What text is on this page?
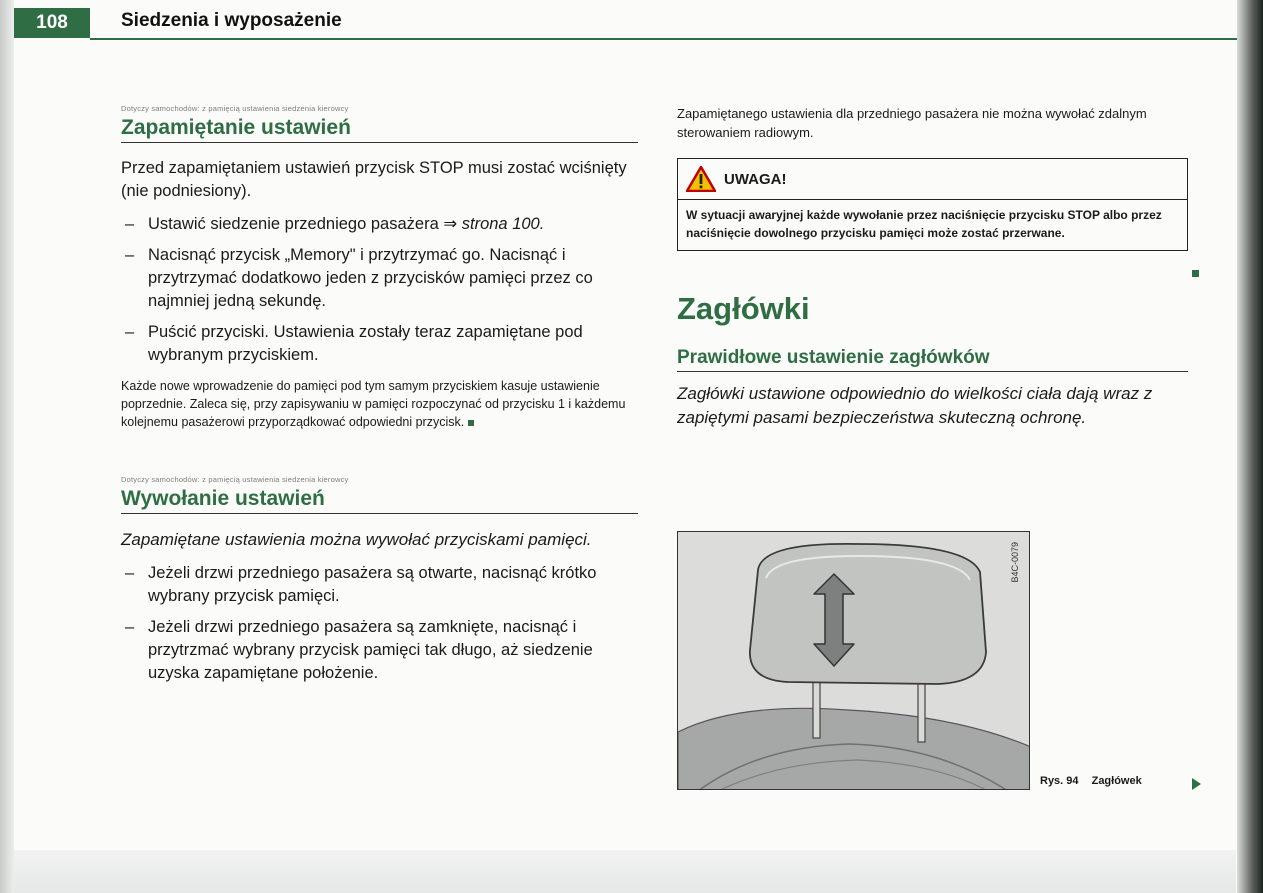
108	Siedzenia i wyposażenie
Dotyczy samochodów: z pamięcią ustawienia siedzenia kierowcy
Zapamiętanie ustawień

Przed zapamiętaniem ustawień przycisk STOP musi zostać wciśnięty (nie podniesiony).

– Ustawić siedzenie przedniego pasażera ⇒ strona 100.
– Nacisnąć przycisk „Memory" i przytrzymać go. Nacisnąć i przytrzymać dodatkowo jeden z przycisków pamięci przez co najmniej jedną sekundę.
– Puścić przyciski. Ustawienia zostały teraz zapamiętane pod wybranym przyciskiem.

Każde nowe wprowadzenie do pamięci pod tym samym przyciskiem kasuje ustawienie poprzednie. Zaleca się, przy zapisywaniu w pamięci rozpoczynać od przycisku 1 i każdemu kolejnemu pasażerowi przyporządkować odpowiedni przycisk.

Dotyczy samochodów: z pamięcią ustawienia siedzenia kierowcy
Wywołanie ustawień

Zapamiętane ustawienia można wywołać przyciskami pamięci.

– Jeżeli drzwi przedniego pasażera są otwarte, nacisnąć krótko wybrany przycisk pamięci.
– Jeżeli drzwi przedniego pasażera są zamknięte, nacisnąć i przytrzmać wybrany przycisk pamięci tak długo, aż siedzenie uzyska zapamiętane położenie.

Zapamiętanego ustawienia dla przedniego pasażera nie można wywołać zdalnym sterowaniem radiowym.

UWAGA!
W sytuacji awaryjnej każde wywołanie przez naciśnięcie przycisku STOP albo przez naciśnięcie dowolnego przycisku pamięci może zostać przerwane.
Zagłówki
Prawidłowe ustawienie zagłówków

Zagłówki ustawione odpowiednio do wielkości ciała dają wraz z zapiętymi pasami bezpieczeństwa skuteczną ochronę.

B4C-0079
Rys. 94 Zagłówek
